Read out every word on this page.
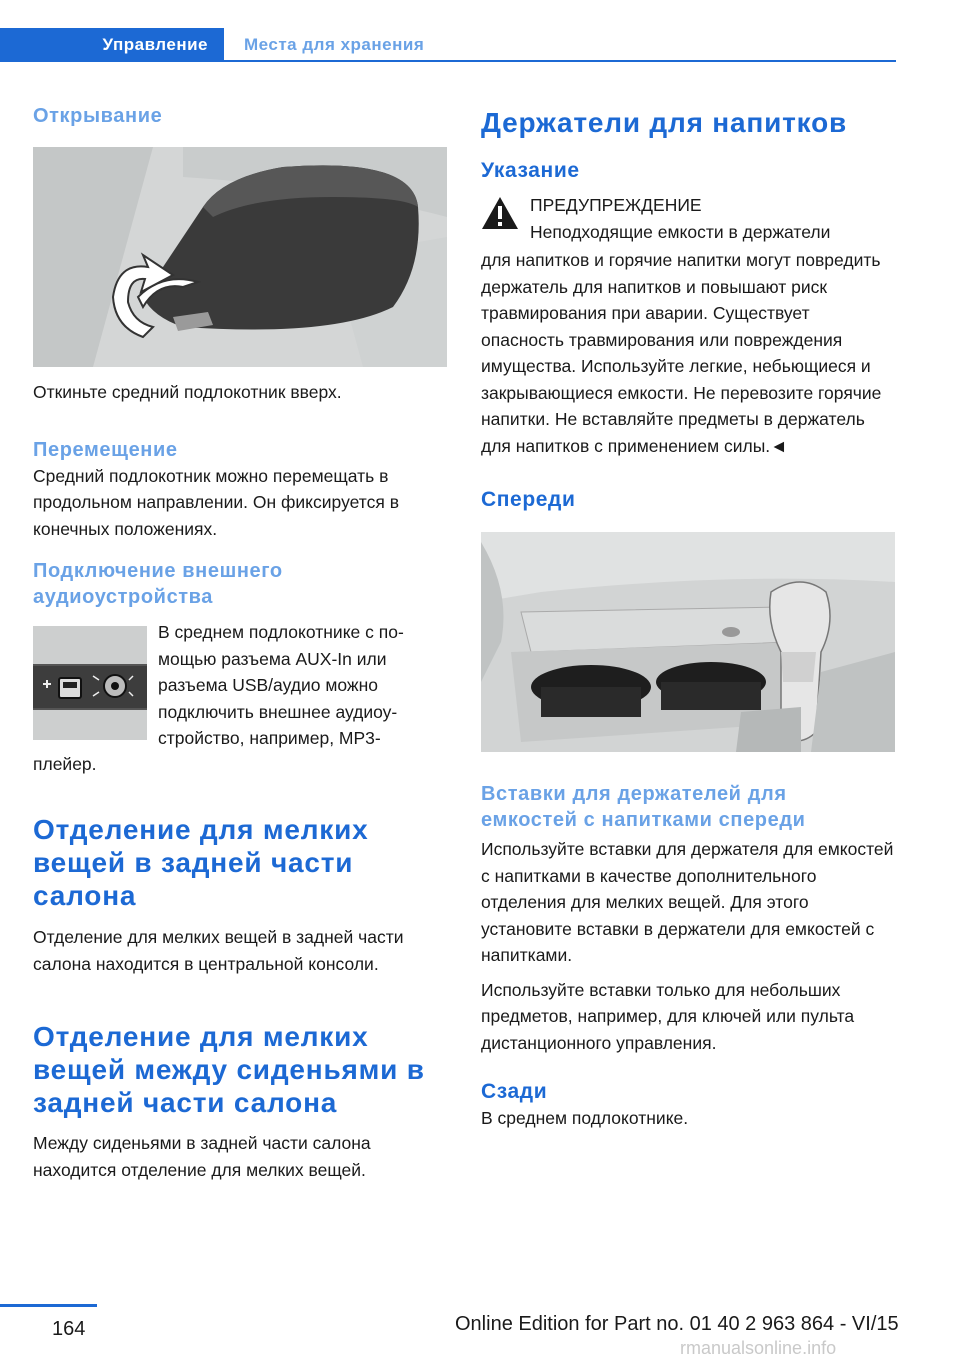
Управление	Места для хранения
Открывание

Откиньте средний подлокотник вверх.

Перемещение

Средний подлокотник можно перемещать в продольном направлении. Он фиксируется в конечных положениях.

Подключение внешнего
аудиоустройства

В среднем подлокотнике с по-

мощью разъема AUX-In или

разъема USB/аудио можно

подключить внешнее аудиоу-

стройство, например, MP3-

плейер.

Отделение для мелких
вещей в задней части
салона

Отделение для мелких вещей в задней части салона находится в центральной консоли.

Отделение для мелких
вещей между сиденьями в
задней части салона

Между сиденьями в задней части салона находится отделение для мелких вещей.

Держатели для напитков
Указание

ПРЕДУПРЕЖДЕНИЕ

Неподходящие емкости в держатели

для напитков и горячие напитки могут повредить держатель для напитков и повышают риск травмирования при аварии. Существует опасность травмирования или повреждения имущества. Используйте легкие, небьющиеся и закрывающиеся емкости. Не перевозите горячие напитки. Не вставляйте предметы в держатель для напитков с применением силы.◄

Спереди
Вставки для держателей для
емкостей с напитками спереди

Используйте вставки для держателя для емкостей с напитками в качестве дополнительного отделения для мелких вещей. Для этого установите вставки в держатели для емкостей с напитками.

Используйте вставки только для небольших предметов, например, для ключей или пульта дистанционного управления.

Сзади

В среднем подлокотнике.

164	Online Edition for Part no. 01 40 2 963 864 - VI/15
rmanualsonline.info
